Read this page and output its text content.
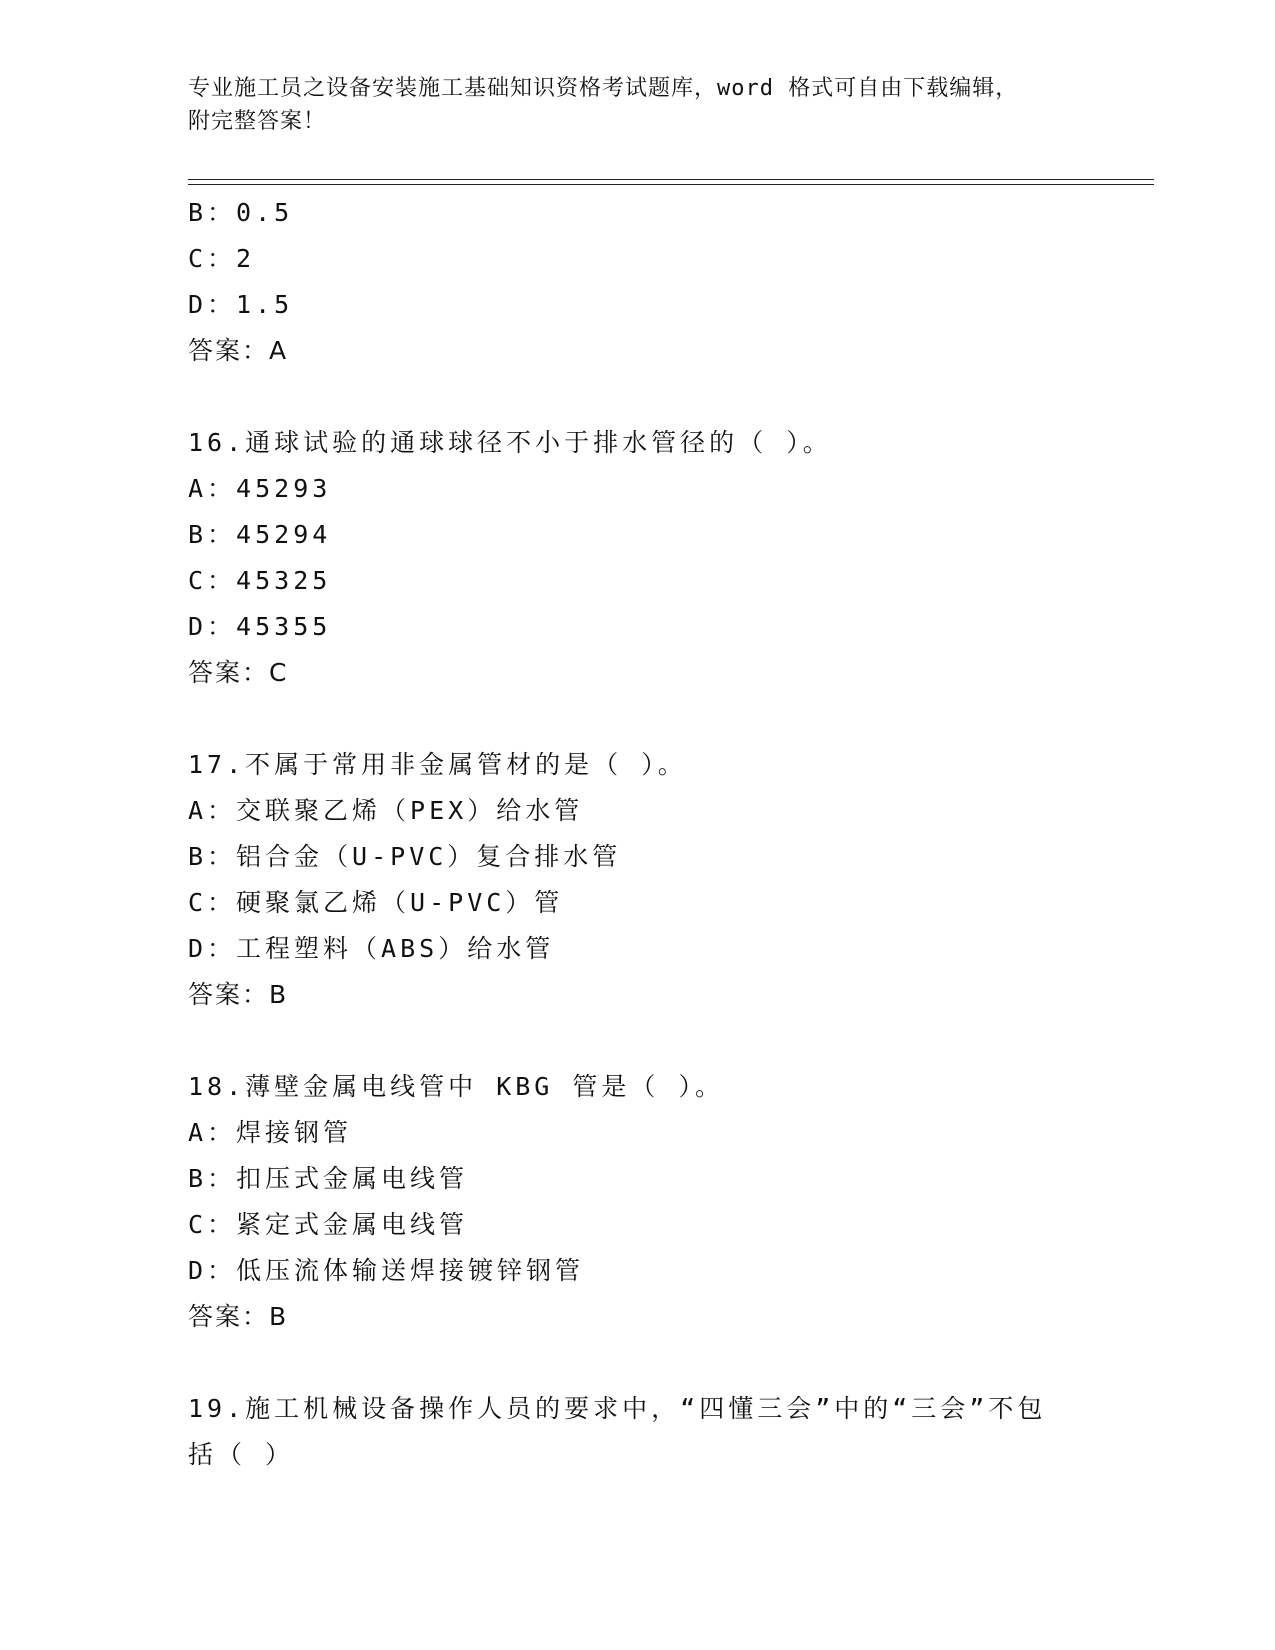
专业施工员之设备安装施工基础知识资格考试题库，word 格式可自由下载编辑，
附完整答案！
B：0.5
C：2
D：1.5
答案：A
16.通球试验的通球球径不小于排水管径的（ ）。
A：45293
B：45294
C：45325
D：45355
答案：C
17.不属于常用非金属管材的是（ ）。
A：交联聚乙烯（PEX）给水管
B：铝合金（U-PVC）复合排水管
C：硬聚氯乙烯（U-PVC）管
D：工程塑料（ABS）给水管
答案：B
18.薄壁金属电线管中 KBG 管是（ ）。
A：焊接钢管
B：扣压式金属电线管
C：紧定式金属电线管
D：低压流体输送焊接镀锌钢管
答案：B
19.施工机械设备操作人员的要求中，“四懂三会”中的“三会”不包
括（ ）
